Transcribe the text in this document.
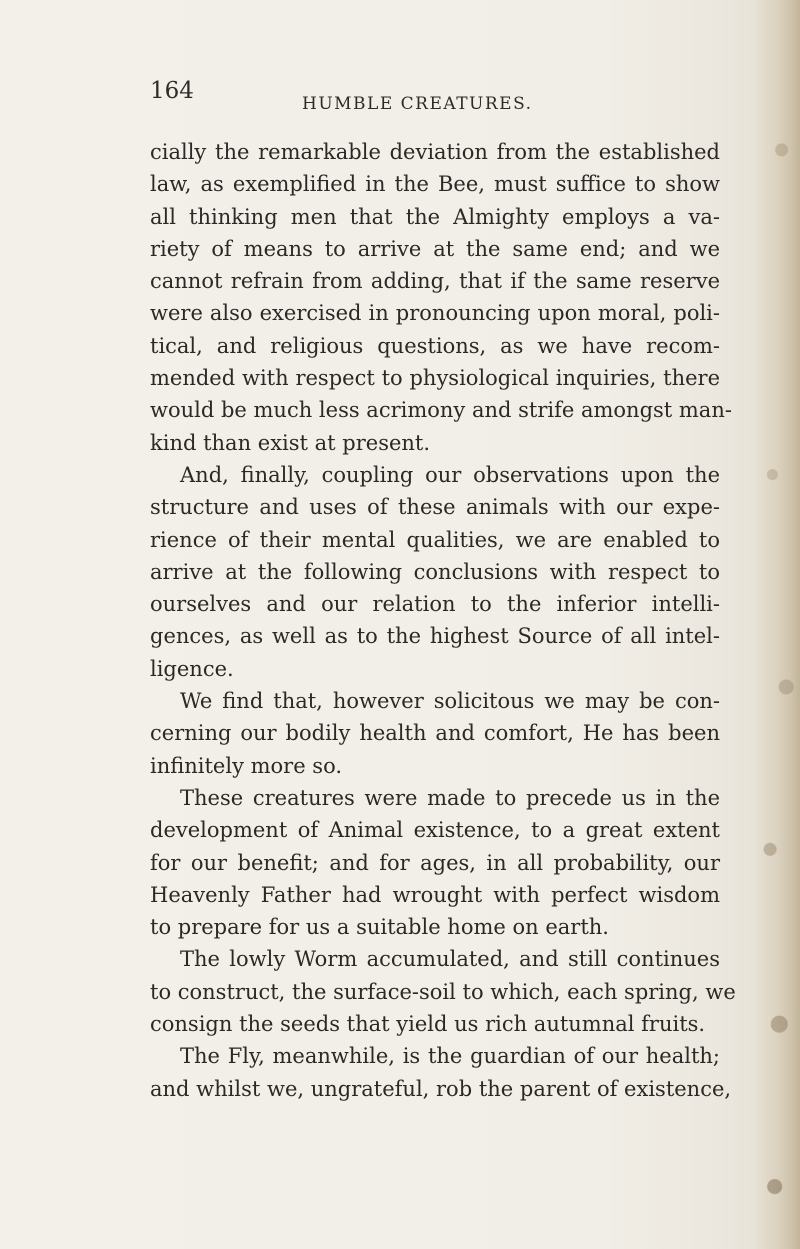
164	HUMBLE CREATURES.
cially the remarkable deviation from the established
law, as exemplified in the Bee, must suffice to show
all thinking men that the Almighty employs a va-
riety of means to arrive at the same end; and we
cannot refrain from adding, that if the same reserve
were also exercised in pronouncing upon moral, poli-
tical, and religious questions, as we have recom-
mended with respect to physiological inquiries, there
would be much less acrimony and strife amongst man-
kind than exist at present.
And, finally, coupling our observations upon the
structure and uses of these animals with our expe-
rience of their mental qualities, we are enabled to
arrive at the following conclusions with respect to
ourselves and our relation to the inferior intelli-
gences, as well as to the highest Source of all intel-
ligence.
We find that, however solicitous we may be con-
cerning our bodily health and comfort, He has been
infinitely more so.
These creatures were made to precede us in the
development of Animal existence, to a great extent
for our benefit; and for ages, in all probability, our
Heavenly Father had wrought with perfect wisdom
to prepare for us a suitable home on earth.
The lowly Worm accumulated, and still continues
to construct, the surface-soil to which, each spring, we
consign the seeds that yield us rich autumnal fruits.
The Fly, meanwhile, is the guardian of our health;
and whilst we, ungrateful, rob the parent of existence,
